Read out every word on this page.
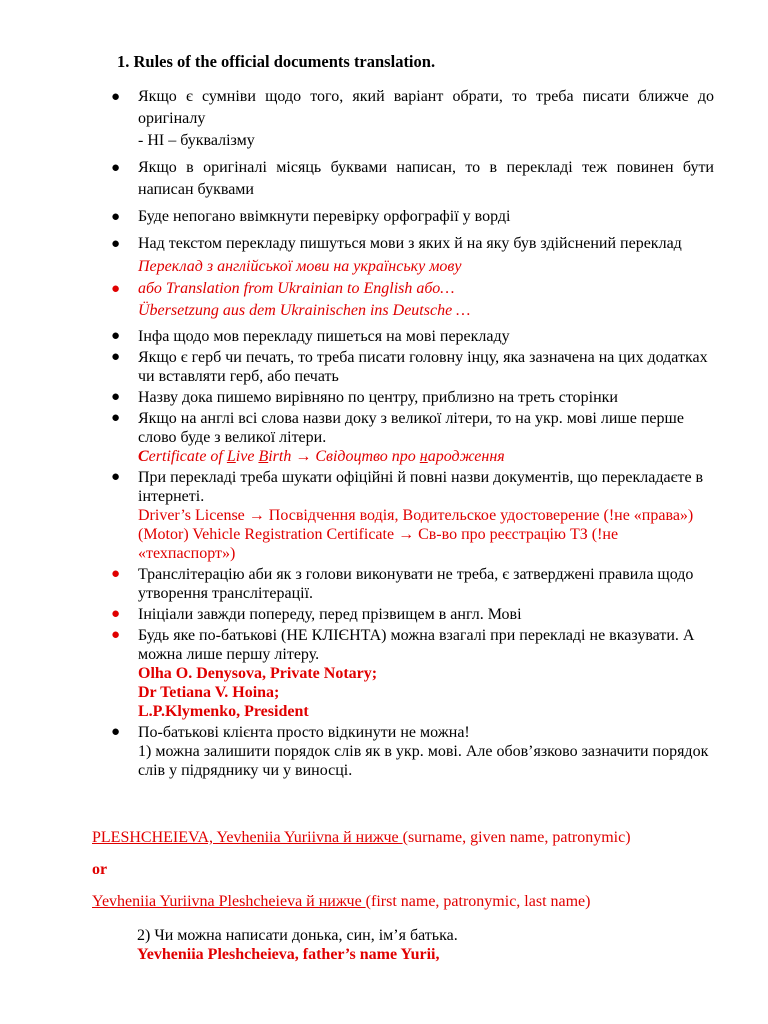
1. Rules of the official documents translation.
● Якщо є сумніви щодо того, який варіант обрати, то треба писати ближче до оригіналу
- НІ – буквалізму
● Якщо в оригіналі місяць буквами написан, то в перекладі теж повинен бути написан буквами
● Буде непогано ввімкнути перевірку орфографії у ворді
● Над текстом перекладу пишуться мови з яких й на яку був здійснений переклад
●
Переклад з англійської мови на українську мову
або Translation from Ukrainian to English або…
Übersetzung aus dem Ukrainischen ins Deutsche …
● Інфа щодо мов перекладу пишеться на мові перекладу
● Якщо є герб чи печать, то треба писати головну інцу, яка зазначена на цих додатках чи вставляти герб, або печать
● Назву дока пишемо вирівняно по центру, приблизно на треть сторінки
● Якщо на англі всі слова назви доку з великої літери, то на укр. мові лише перше слово буде з великої літери.
Certificate of Live Birth → Свідоцтво про народження
● При перекладі треба шукати офіційні й повні назви документів, що перекладаєте в інтернеті.
Driver’s License → Посвідчення водія, Водительское удостоверение (!не «права»)
(Motor) Vehicle Registration Certificate → Св-во про реєстрацію ТЗ (!не «техпаспорт»)
● Транслітерацію аби як з голови виконувати не треба, є затверджені правила щодо утворення транслітерації.
● Ініціали завжди попереду, перед прізвищем в англ. Мові
● Будь яке по-батькові (НЕ КЛІЄНТА) можна взагалі при перекладі не вказувати. А можна лише першу літеру.
Olha O. Denysova, Private Notary;
Dr Tetiana V. Hoina;
L.P.Klymenko, President
● По-батькові клієнта просто відкинути не можна!
1) можна залишити порядок слів як в укр. мові. Але обов’язково зазначити порядок слів у підряднику чи у виносці.
PLESHCHEIEVA, Yevheniia Yuriivna й нижче (surname, given name, patronymic)
or
Yevheniia Yuriivna Pleshcheieva й нижче (first name, patronymic, last name)
2) Чи можна написати донька, син, ім’я батька.
Yevheniia Pleshcheieva, father’s name Yurii,
